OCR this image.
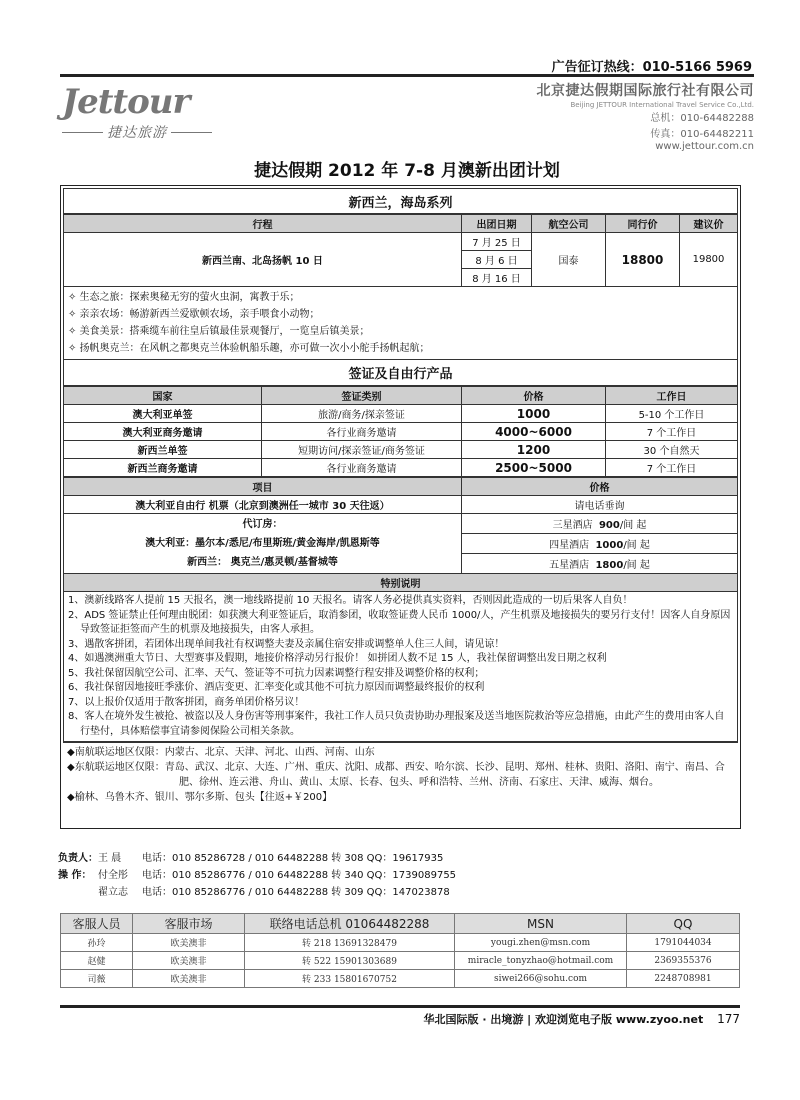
广告征订热线：010-5166 5969
Jettour
捷达旅游
北京捷达假期国际旅行社有限公司
Beijing JETTOUR International Travel Service Co.,Ltd.
总机：010-64482288
传真：010-64482211
www.jettour.com.cn
捷达假期 2012 年 7-8 月澳新出团计划
新西兰，海岛系列
行程	出团日期	航空公司	同行价	建议价
新西兰南、北岛扬帆 10 日	7 月 25 日	国泰	18800	19800
	8 月 6 日			
	8 月 16 日			
✧ 生态之旅：探索奥秘无穷的萤火虫洞，寓教于乐；
✧ 亲亲农场：畅游新西兰爱歇顿农场，亲手喂食小动物；
✧ 美食美景：搭乘缆车前往皇后镇最佳景观餐厅，一览皇后镇美景；
✧ 扬帆奥克兰：在风帆之都奥克兰体验帆船乐趣，亦可做一次小小舵手扬帆起航；
签证及自由行产品
国家	签证类别	价格	工作日
澳大利亚单签	旅游/商务/探亲签证	1000	5-10 个工作日
澳大利亚商务邀请	各行业商务邀请	4000~6000	7 个工作日
新西兰单签	短期访问/探亲签证/商务签证	1200	30 个自然天
新西兰商务邀请	各行业商务邀请	2500~5000	7 个工作日
项目	价格
澳大利亚自由行 机票（北京到澳洲任一城市 30 天往返）	请电话垂询

代订房：
澳大利亚：墨尔本/悉尼/布里斯班/黄金海岸/凯恩斯等
新西兰： 奥克兰/惠灵顿/基督城等	三星酒店 900/间 起
	四星酒店 1000/间 起
	五星酒店 1800/间 起
特别说明	
1、澳新线路客人提前 15 天报名，澳一地线路提前 10 天报名。请客人务必提供真实资料，否则因此造成的一切后果客人自负！
2、ADS 签证禁止任何理由脱团：如获澳大利亚签证后，取消参团，收取签证费人民币 1000/人，产生机票及地接损失的要另行支付！因客人自身原因导致签证拒签而产生的机票及地接损失，由客人承担。
3、遇散客拼团，若团体出现单间我社有权调整夫妻及亲属住宿安排或调整单人住三人间，请见谅！
4、如遇澳洲重大节日、大型赛事及假期，地接价格浮动另行报价！ 如拼团人数不足 15 人，我社保留调整出发日期之权利
5、我社保留因航空公司、汇率、天气、签证等不可抗力因素调整行程安排及调整价格的权利；
6、我社保留因地接旺季涨价、酒店变更、汇率变化或其他不可抗力原因而调整最终报价的权利
7、以上报价仅适用于散客拼团，商务单团价格另议！
8、客人在境外发生被抢、被盗以及人身伤害等刑事案件，我社工作人员只负责协助办理报案及送当地医院救治等应急措施，由此产生的费用由客人自行垫付，具体赔偿事宜请参阅保险公司相关条款。
◆南航联运地区仅限：内蒙古、北京、天津、河北、山西、河南、山东
◆东航联运地区仅限：青岛、武汉、北京、大连、广州、重庆、沈阳、成都、西安、哈尔滨、长沙、昆明、郑州、桂林、贵阳、洛阳、南宁、南昌、合肥、徐州、连云港、舟山、黄山、太原、长春、包头、呼和浩特、兰州、济南、石家庄、天津、威海、烟台。
◆榆林、乌鲁木齐、银川、鄂尔多斯、包头【往返+￥200】
负责人： 王 晨	电话：010 85286728 / 010 64482288 转 308 QQ：19617935
操 作： 付全彤	电话：010 85286776 / 010 64482288 转 340 QQ：1739089755
翟立志	电话：010 85286776 / 010 64482288 转 309 QQ：147023878
客服人员	客服市场	联络电话总机 01064482288	MSN	QQ
孙玲	欧美澳非	转 218 13691328479	yougi.zhen@msn.com	1791044034
赵健	欧美澳非	转 522 15901303689	miracle_tonyzhao@hotmail.com	2369355376
司薇	欧美澳非	转 233 15801670752	siwei266@sohu.com	2248708981
华北国际版 · 出境游 | 欢迎浏览电子版 www.zyoo.net 177
